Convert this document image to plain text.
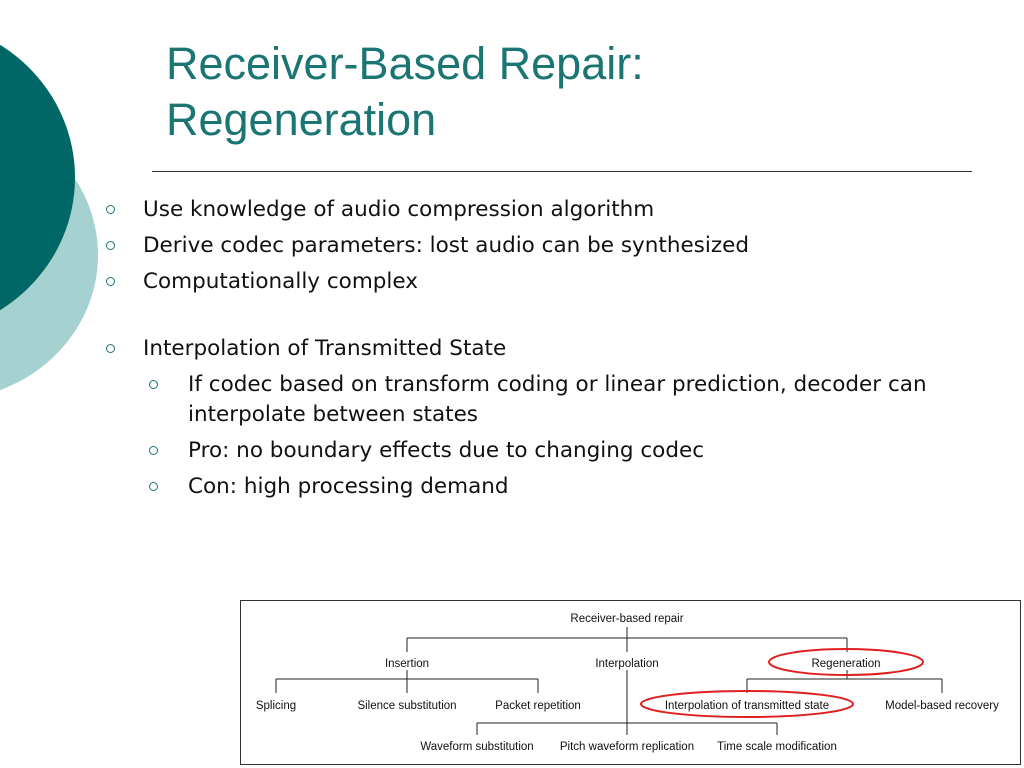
Receiver-Based Repair:
Regeneration
Use knowledge of audio compression algorithm
Derive codec parameters: lost audio can be synthesized
Computationally complex
Interpolation of Transmitted State
If codec based on transform coding or linear prediction, decoder can interpolate between states
Pro: no boundary effects due to changing codec
Con: high processing demand
Receiver-based repair
Insertion	Interpolation	Regeneration
Splicing	Silence substitution	Packet repetition	Interpolation of transmitted state	Model-based recovery
Waveform substitution Pitch waveform replication Time scale modification
